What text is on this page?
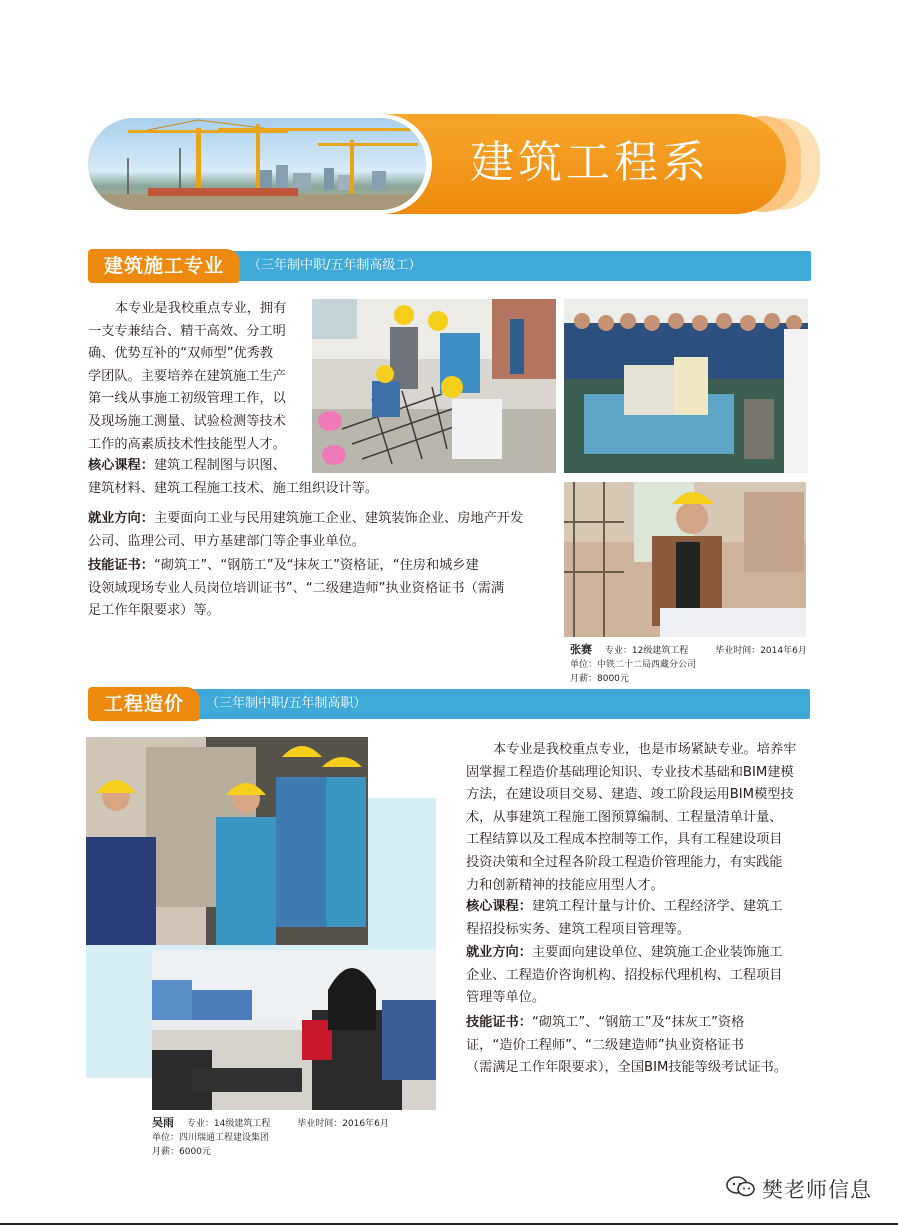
建筑工程系
建筑施工专业	（三年制中职/五年制高级工）
本专业是我校重点专业，拥有
一支专兼结合、精干高效、分工明
确、优势互补的“双师型”优秀教
学团队。主要培养在建筑施工生产
第一线从事施工初级管理工作，以
及现场施工测量、试验检测等技术
工作的高素质技术性技能型人才。
核心课程：建筑工程制图与识图、
建筑材料、建筑工程施工技术、施工组织设计等。
就业方向：主要面向工业与民用建筑施工企业、建筑装饰企业、房地产开发
公司、监理公司、甲方基建部门等企事业单位。
技能证书：“砌筑工”、“钢筋工”及“抹灰工”资格证，“住房和城乡建
设领域现场专业人员岗位培训证书”、“二级建造师”执业资格证书（需满
足工作年限要求）等。
张赛 专业：12级建筑工程	毕业时间：2014年6月
单位：中铁二十二局西藏分公司
月薪：8000元
工程造价	（三年制中职/五年制高职）
吴雨 专业：14级建筑工程	毕业时间：2016年6月
单位：四川瑞通工程建设集团
月薪：6000元
本专业是我校重点专业，也是市场紧缺专业。培养牢
固掌握工程造价基础理论知识、专业技术基础和BIM建模
方法，在建设项目交易、建造、竣工阶段运用BIM模型技
术，从事建筑工程施工图预算编制、工程量清单计量、
工程结算以及工程成本控制等工作，具有工程建设项目
投资决策和全过程各阶段工程造价管理能力，有实践能
力和创新精神的技能应用型人才。
核心课程：建筑工程计量与计价、工程经济学、建筑工
程招投标实务、建筑工程项目管理等。
就业方向：主要面向建设单位、建筑施工企业装饰施工
企业、工程造价咨询机构、招投标代理机构、工程项目
管理等单位。
技能证书：“砌筑工”、“钢筋工”及“抹灰工”资格
证，“造价工程师”、“二级建造师”执业资格证书
（需满足工作年限要求），全国BIM技能等级考试证书。
樊老师信息
